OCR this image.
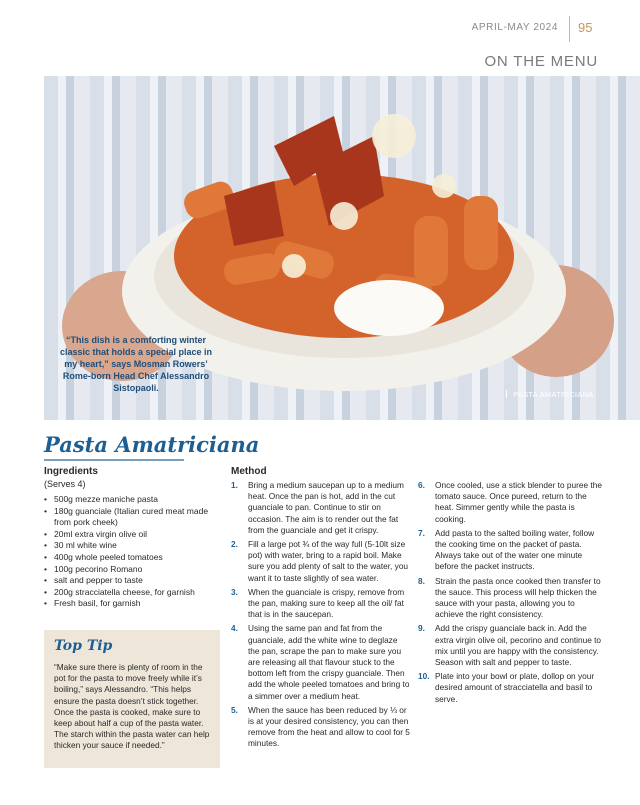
APRIL-MAY 2024 95
ON THE MENU
“This dish is a comforting winter classic that holds a special place in my heart,” says Mosman Rowers’ Rome-born Head Chef Alessandro Sistopaoli.
PASTA AMATRICIANA.
Pasta Amatriciana
Ingredients
(Serves 4)
• 500g mezze maniche pasta
• 180g guanciale (Italian cured meat made from pork cheek)
• 20ml extra virgin olive oil
• 30 ml white wine
• 400g whole peeled tomatoes
• 100g pecorino Romano
• salt and pepper to taste
• 200g stracciatella cheese, for garnish
• Fresh basil, for garnish
Top Tip
“Make sure there is plenty of room in the pot for the pasta to move freely while it’s boiling,” says Alessandro. “This helps ensure the pasta doesn’t stick together. Once the pasta is cooked, make sure to keep about half a cup of the pasta water. The starch within the pasta water can help thicken your sauce if needed.”
Method
1. Bring a medium saucepan up to a medium heat. Once the pan is hot, add in the cut guanciale to pan. Continue to stir on occasion. The aim is to render out the fat from the guanciale and get it crispy.
2. Fill a large pot ¾ of the way full (5-10lt size pot) with water, bring to a rapid boil. Make sure you add plenty of salt to the water, you want it to taste slightly of sea water.
3. When the guanciale is crispy, remove from the pan, making sure to keep all the oil/ fat that is in the saucepan.
4. Using the same pan and fat from the guanciale, add the white wine to deglaze the pan, scrape the pan to make sure you are releasing all that flavour stuck to the bottom left from the crispy guanciale. Then add the whole peeled tomatoes and bring to a simmer over a medium heat.
5. When the sauce has been reduced by ⅓ or is at your desired consistency, you can then remove from the heat and allow to cool for 5 minutes.
6. Once cooled, use a stick blender to puree the tomato sauce. Once pureed, return to the heat. Simmer gently while the pasta is cooking.
7. Add pasta to the salted boiling water, follow the cooking time on the packet of pasta. Always take out of the water one minute before the packet instructs.
8. Strain the pasta once cooked then transfer to the sauce. This process will help thicken the sauce with your pasta, allowing you to achieve the right consistency.
9. Add the crispy guanciale back in. Add the extra virgin olive oil, pecorino and continue to mix until you are happy with the consistency. Season with salt and pepper to taste.
10. Plate into your bowl or plate, dollop on your desired amount of stracciatella and basil to serve.
